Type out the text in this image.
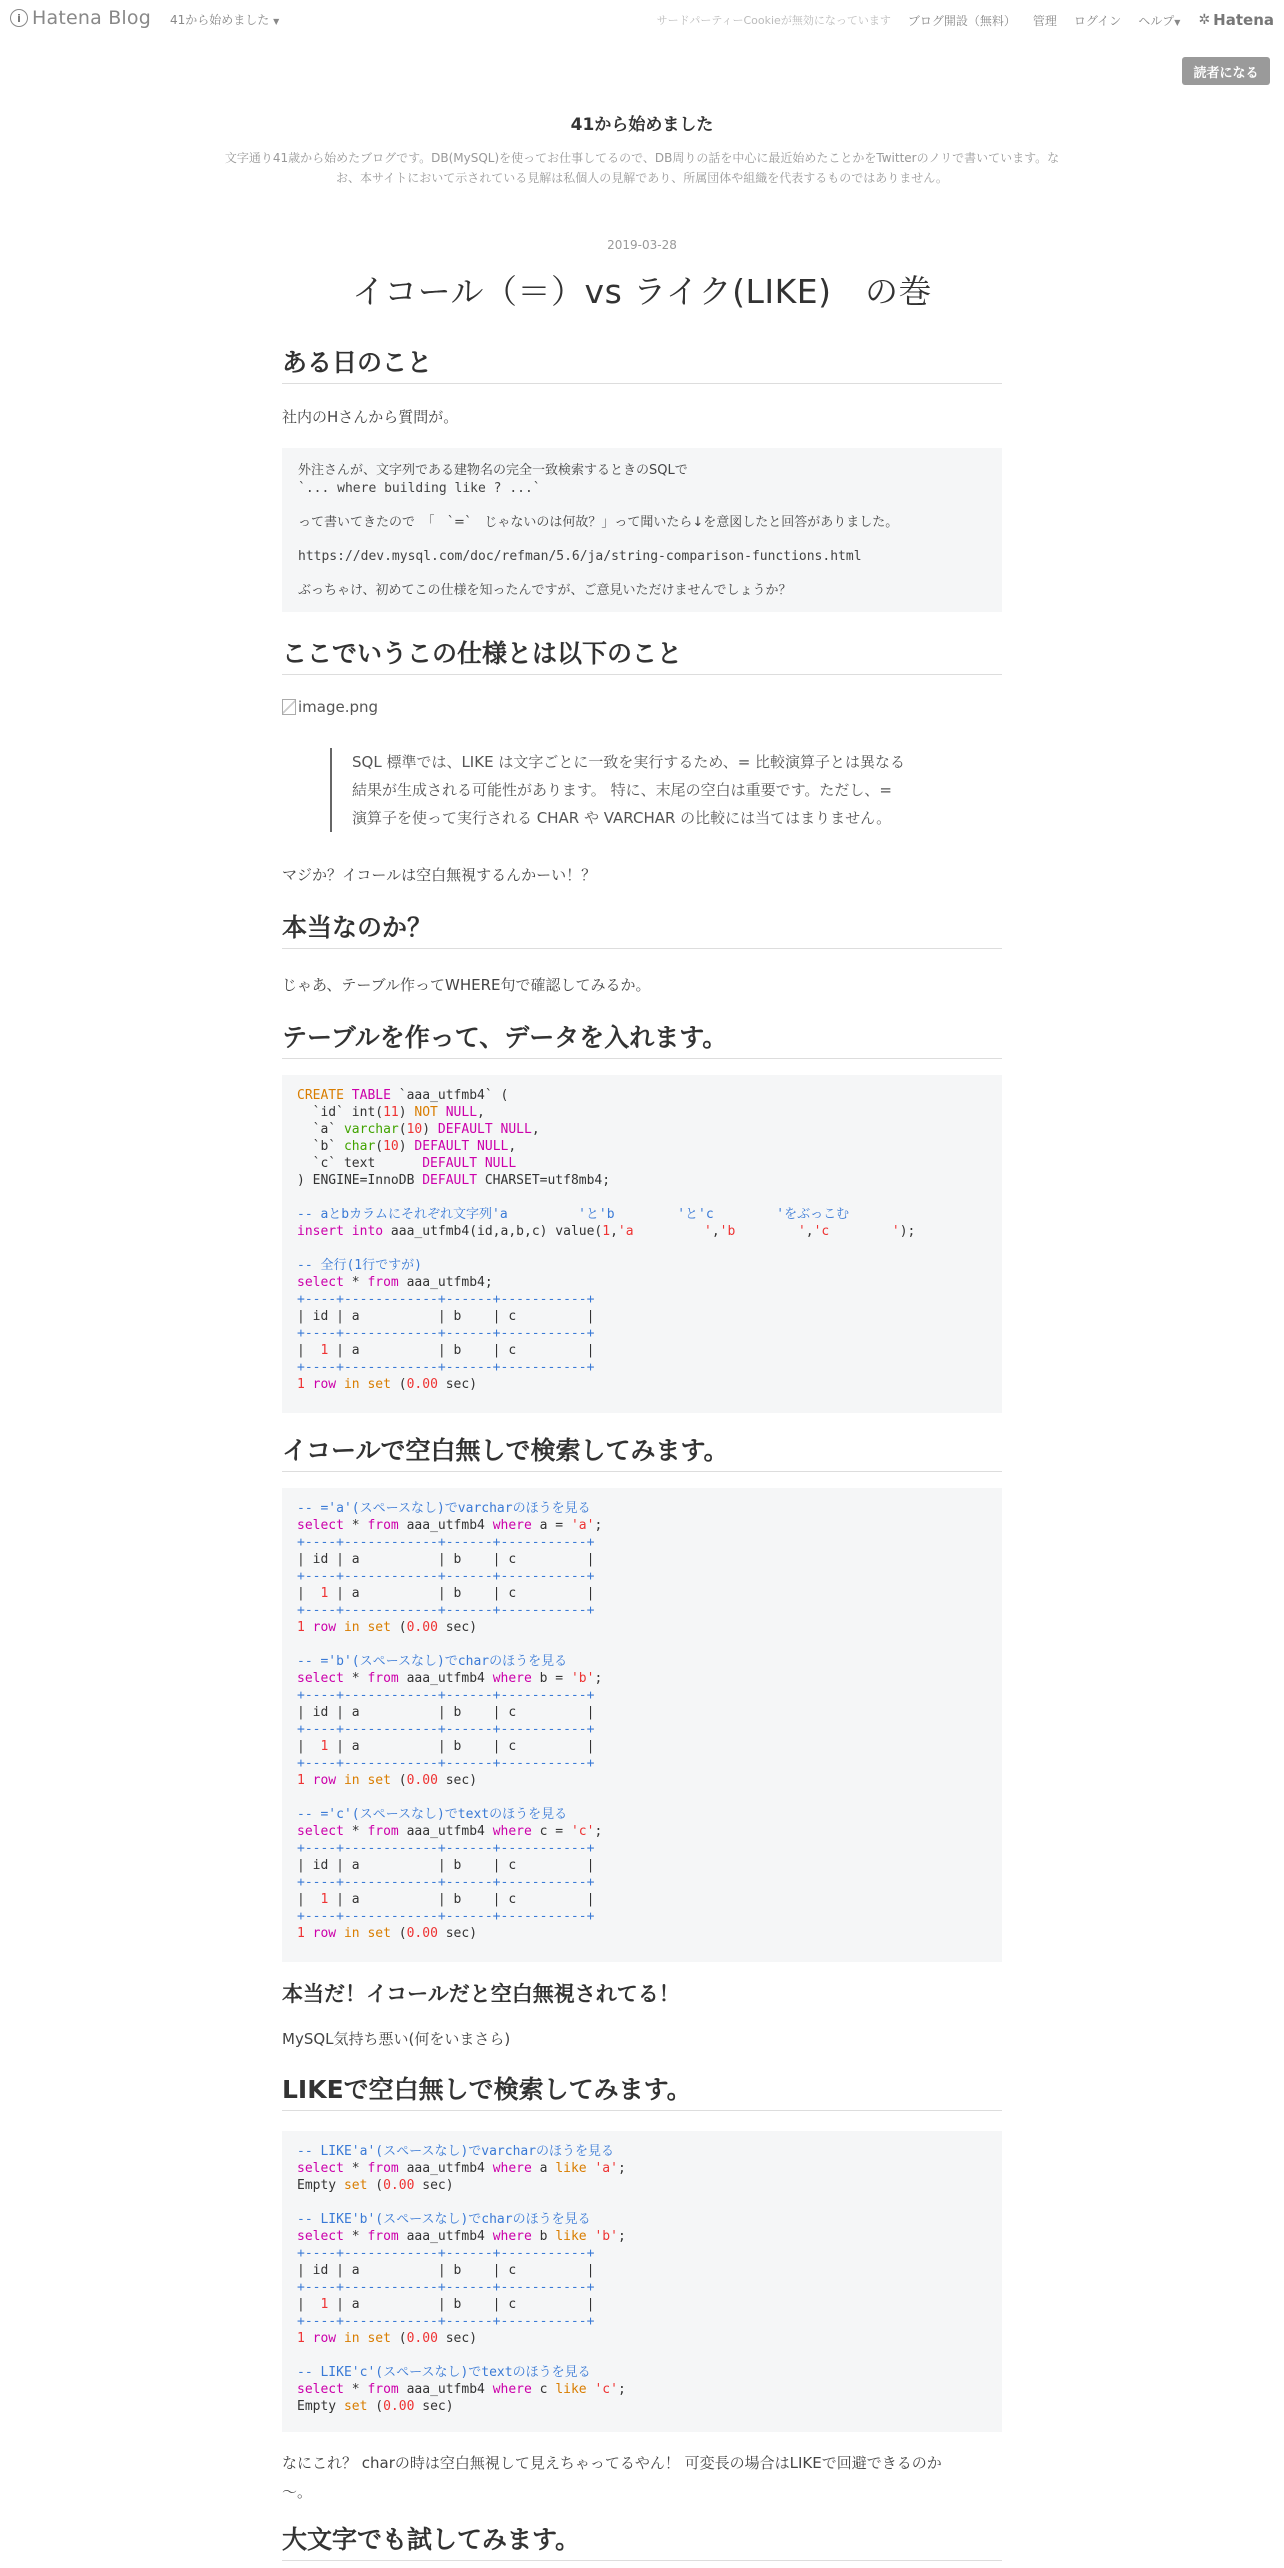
i Hatena Blog 41から始めました ▼	サードパーティーCookieが無効になっています ブログ開設（無料） 管理 ログイン ヘルプ▼ ✲ Hatena
読者になる
41から始めました
文字通り41歳から始めたブログです。DB(MySQL)を使ってお仕事してるので、DB周りの話を中心に最近始めたことかをTwitterのノリで書いています。な
お、本サイトにおいて示されている見解は私個人の見解であり、所属団体や組織を代表するものではありません。
2019-03-28
イコール（＝）vs ライク(LIKE)　の巻
ある日のこと

社内のHさんから質問が。

外注さんが、文字列である建物名の完全一致検索するときのSQLで
`... where building like ? ...`
って書いてきたので　「　`=`　じゃないのは何故？」って聞いたら↓を意図したと回答がありました。
https://dev.mysql.com/doc/refman/5.6/ja/string-comparison-functions.html
ぶっちゃけ、初めてこの仕様を知ったんですが、ご意見いただけませんでしょうか？
ここでいうこの仕様とは以下のこと
image.png
SQL 標準では、LIKE は文字ごとに一致を実行するため、= 比較演算子とは異なる
結果が生成される可能性があります。 特に、末尾の空白は重要です。ただし、=
演算子を使って実行される CHAR や VARCHAR の比較には当てはまりません。

マジか？イコールは空白無視するんかーい！？

本当なのか？

じゃあ、テーブル作ってWHERE句で確認してみるか。

テーブルを作って、データを入れます。
CREATE TABLE `aaa_utfmb4` (
`id` int(11) NOT NULL,
`a` varchar(10) DEFAULT NULL,
`b` char(10) DEFAULT NULL,
`c` text      DEFAULT NULL
) ENGINE=InnoDB DEFAULT CHARSET=utf8mb4;

-- aとbカラムにそれぞれ文字列'a         'と'b        'と'c        'をぶっこむ
insert into aaa_utfmb4(id,a,b,c) value(1,'a         ','b        ','c        ');

-- 全行(1行ですが)
select * from aaa_utfmb4;
+----+------------+------+-----------+
| id | a          | b    | c         |
+----+------------+------+-----------+
|  1 | a          | b    | c         |
+----+------------+------+-----------+
1 row in set (0.00 sec)
イコールで空白無しで検索してみます。
-- ='a'(スペースなし)でvarcharのほうを見る
select * from aaa_utfmb4 where a = 'a';
+----+------------+------+-----------+
| id | a          | b    | c         |
+----+------------+------+-----------+
|  1 | a          | b    | c         |
+----+------------+------+-----------+
1 row in set (0.00 sec)

-- ='b'(スペースなし)でcharのほうを見る
select * from aaa_utfmb4 where b = 'b';
+----+------------+------+-----------+
| id | a          | b    | c         |
+----+------------+------+-----------+
|  1 | a          | b    | c         |
+----+------------+------+-----------+
1 row in set (0.00 sec)

-- ='c'(スペースなし)でtextのほうを見る
select * from aaa_utfmb4 where c = 'c';
+----+------------+------+-----------+
| id | a          | b    | c         |
+----+------------+------+-----------+
|  1 | a          | b    | c         |
+----+------------+------+-----------+
1 row in set (0.00 sec)
本当だ！イコールだと空白無視されてる！

MySQL気持ち悪い(何をいまさら)

LIKEで空白無しで検索してみます。
-- LIKE'a'(スペースなし)でvarcharのほうを見る
select * from aaa_utfmb4 where a like 'a';
Empty set (0.00 sec)

-- LIKE'b'(スペースなし)でcharのほうを見る
select * from aaa_utfmb4 where b like 'b';
+----+------------+------+-----------+
| id | a          | b    | c         |
+----+------------+------+-----------+
|  1 | a          | b    | c         |
+----+------------+------+-----------+
1 row in set (0.00 sec)

-- LIKE'c'(スペースなし)でtextのほうを見る
select * from aaa_utfmb4 where c like 'c';
Empty set (0.00 sec)
なにこれ？ charの時は空白無視して見えちゃってるやん！ 可変長の場合はLIKEで回避できるのか
〜。
大文字でも試してみます。
